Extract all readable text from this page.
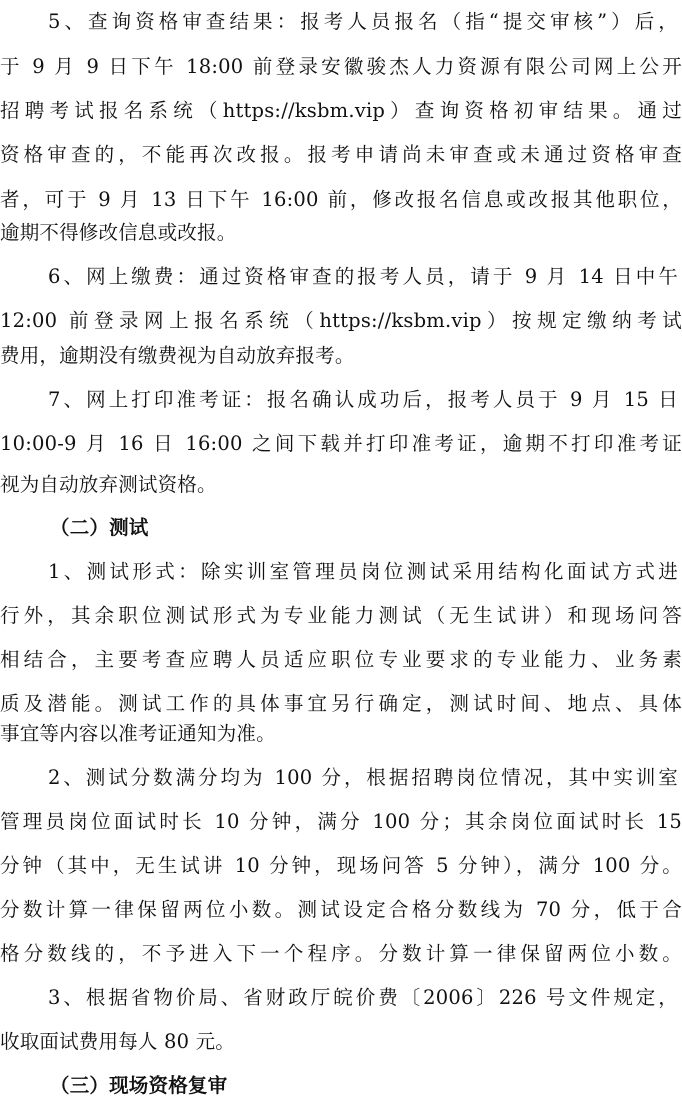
5、查询资格审查结果：报考人员报名（指“提交审核”）后，
于 9 月 9 日下午 18:00 前登录安徽骏杰人力资源有限公司网上公开
招聘考试报名系统（https://ksbm.vip）查询资格初审结果。通过
资格审查的，不能再次改报。报考申请尚未审查或未通过资格审查
者，可于 9 月 13 日下午 16:00 前，修改报名信息或改报其他职位，
逾期不得修改信息或改报。
6、网上缴费：通过资格审查的报考人员，请于 9 月 14 日中午
12:00 前登录网上报名系统（https://ksbm.vip）按规定缴纳考试
费用，逾期没有缴费视为自动放弃报考。
7、网上打印准考证：报名确认成功后，报考人员于 9 月 15 日
10:00-9 月 16 日 16:00 之间下载并打印准考证，逾期不打印准考证
视为自动放弃测试资格。
（二）测试
1、测试形式：除实训室管理员岗位测试采用结构化面试方式进
行外，其余职位测试形式为专业能力测试（无生试讲）和现场问答
相结合，主要考查应聘人员适应职位专业要求的专业能力、业务素
质及潜能。测试工作的具体事宜另行确定，测试时间、地点、具体
事宜等内容以准考证通知为准。
2、测试分数满分均为 100 分，根据招聘岗位情况，其中实训室
管理员岗位面试时长 10 分钟，满分 100 分；其余岗位面试时长 15
分钟（其中，无生试讲 10 分钟，现场问答 5 分钟），满分 100 分。
分数计算一律保留两位小数。测试设定合格分数线为 70 分，低于合
格分数线的，不予进入下一个程序。分数计算一律保留两位小数。
3、根据省物价局、省财政厅皖价费〔2006〕226 号文件规定，
收取面试费用每人 80 元。
（三）现场资格复审
